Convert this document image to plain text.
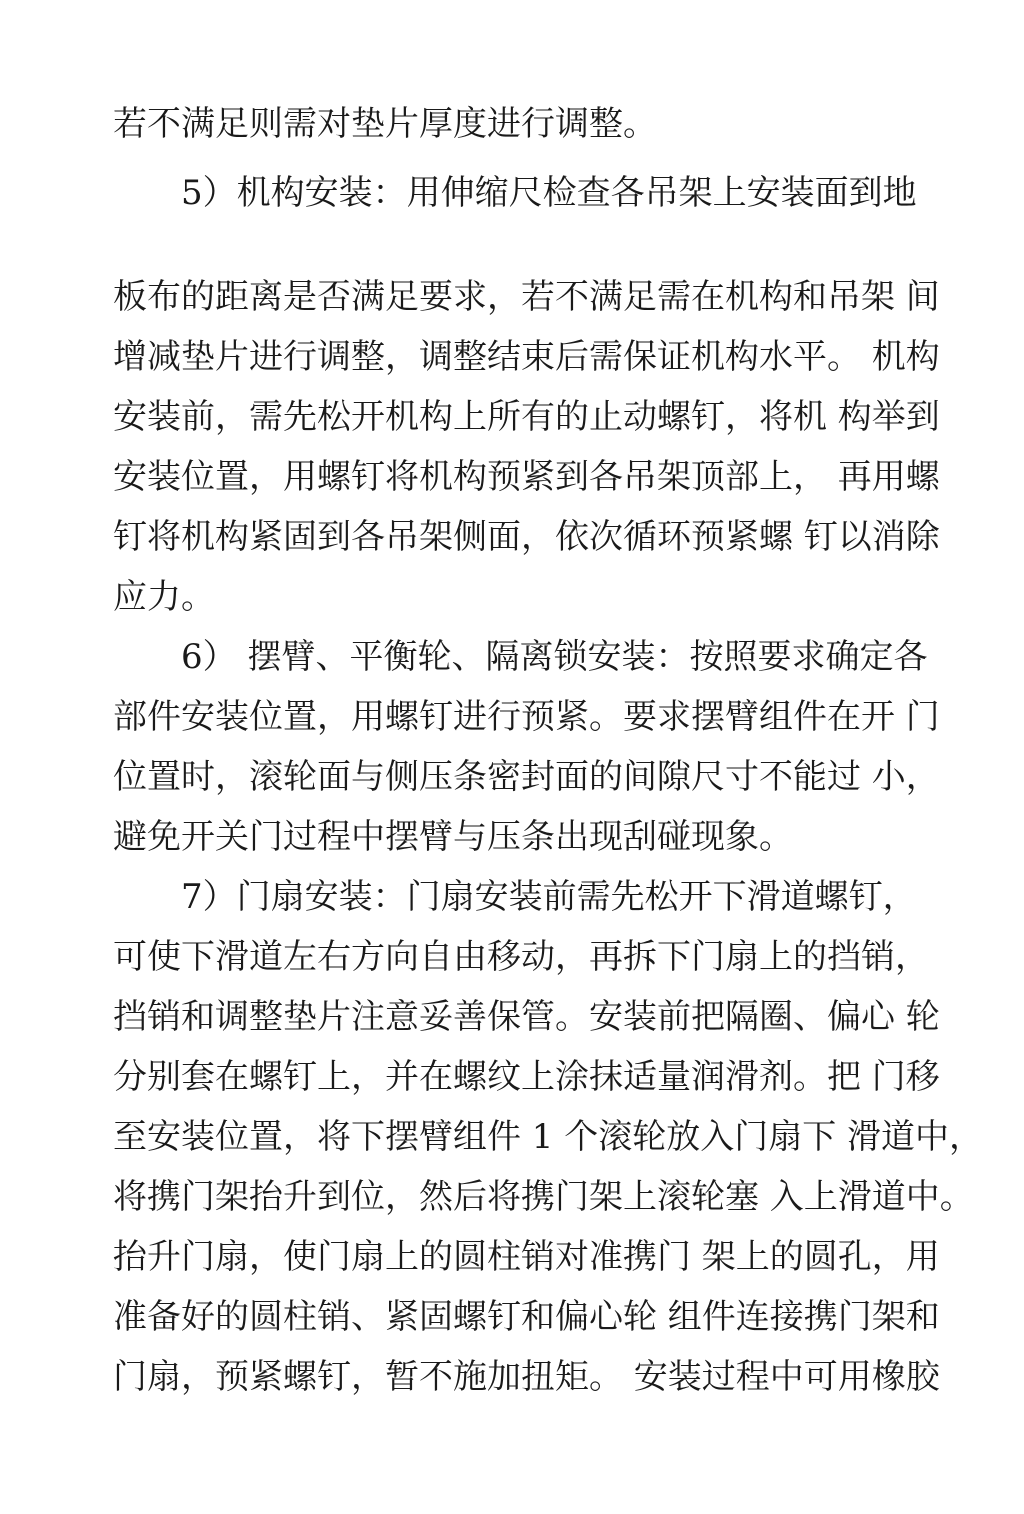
若不满足则需对垫片厚度进行调整。
5）机构安装：用伸缩尺检查各吊架上安装面到地
板布的距离是否满足要求，若不满足需在机构和吊架 间
增减垫片进行调整，调整结束后需保证机构水平。 机构
安装前，需先松开机构上所有的止动螺钉，将机 构举到
安装位置，用螺钉将机构预紧到各吊架顶部上， 再用螺
钉将机构紧固到各吊架侧面，依次循环预紧螺 钉以消除
应力。
6） 摆臂、平衡轮、隔离锁安装：按照要求确定各
部件安装位置，用螺钉进行预紧。要求摆臂组件在开 门
位置时，滚轮面与侧压条密封面的间隙尺寸不能过 小，
避免开关门过程中摆臂与压条出现刮碰现象。
7）门扇安装：门扇安装前需先松开下滑道螺钉，
可使下滑道左右方向自由移动，再拆下门扇上的挡销，
挡销和调整垫片注意妥善保管。安装前把隔圈、偏心 轮
分别套在螺钉上，并在螺纹上涂抹适量润滑剂。把 门移
至安装位置，将下摆臂组件 1 个滚轮放入门扇下 滑道中，
将携门架抬升到位，然后将携门架上滚轮塞 入上滑道中。
抬升门扇，使门扇上的圆柱销对准携门 架上的圆孔，用
准备好的圆柱销、紧固螺钉和偏心轮 组件连接携门架和
门扇，预紧螺钉，暂不施加扭矩。 安装过程中可用橡胶
